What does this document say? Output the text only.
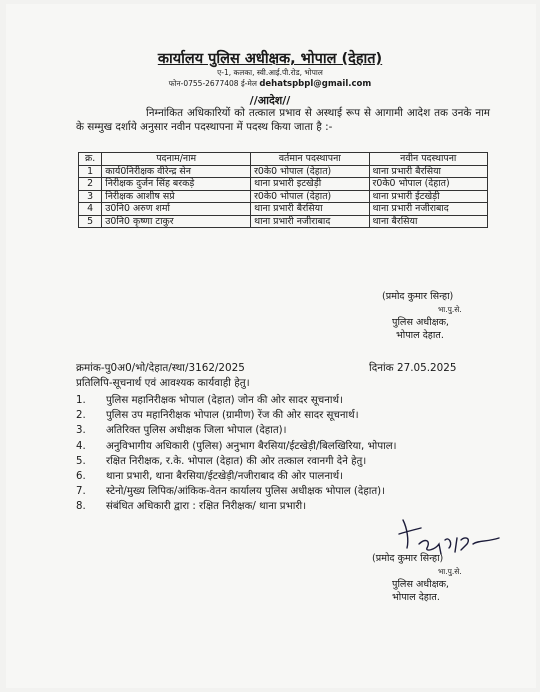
कार्यालय पुलिस अधीक्षक, भोपाल (देहात)
ए-1, कलका, स्वी.आई.पी.रोड, भोपाल
फोन-0755-2677408 ई-मेल dehatspbpl@gmail.com
//आदेश//
निम्नांकित अधिकारियों को तत्काल प्रभाव से अस्थाई रूप से आगामी आदेश तक उनके नाम के सम्मुख दर्शाये अनुसार नवीन पदस्थापना में पदस्थ किया जाता है :-
क्र.	पदनाम/नाम	वर्तमान पदस्थापना	नवीन पदस्थापना
1	कार्य0निरीक्षक वीरेन्द्र सेन	र0के0 भोपाल (देहात)	थाना प्रभारी बैरसिया
2	निरीक्षक दुर्जन सिंह बरकड़े	थाना प्रभारी इटखेड़ी	र0के0 भोपाल (देहात)
3	निरीक्षक आशीष सप्रे	र0के0 भोपाल (देहात)	थाना प्रभारी ईटखेड़ी
4	उ0नि0 अरुण शर्मा	थाना प्रभारी बैरसिया	थाना प्रभारी नजीराबाद
5	उ0नि0 कृष्णा टाकुर	थाना प्रभारी नजीराबाद	थाना बैरसिया
(प्रमोद कुमार सिन्हा)
भा.पु.से.
पुलिस अधीक्षक,
भोपाल देहात.
क्रमांक-पु0अ0/भो/देहात/स्था/3162/2025	दिनांक 27.05.2025
प्रतिलिपि-सूचनार्थ एवं आवश्यक कार्यवाही हेतु।
1. पुलिस महानिरीक्षक भोपाल (देहात) जोन की ओर सादर सूचनार्थ।
2. पुलिस उप महानिरीक्षक भोपाल (ग्रामीण) रेंज की ओर सादर सूचनार्थ।
3. अतिरिक्त पुलिस अधीक्षक जिला भोपाल (देहात)।
4. अनुविभागीय अधिकारी (पुलिस) अनुभाग बैरसिया/ईटखेड़ी/बिलखिरिया, भोपाल।
5. रक्षित निरीक्षक, र.के. भोपाल (देहात) की ओर तत्काल रवानगी देने हेतु।
6. थाना प्रभारी, थाना बैरसिया/ईटखेड़ी/नजीराबाद की ओर पालनार्थ।
7. स्टेनो/मुख्य लिपिक/आंकिक-वेतन कार्यालय पुलिस अधीक्षक भोपाल (देहात)।
8. संबंधित अधिकारी द्वारा : रक्षित निरीक्षक/ थाना प्रभारी।
(प्रमोद कुमार सिन्हा)
भा.पु.से.
पुलिस अधीक्षक,
भोपाल देहात.
